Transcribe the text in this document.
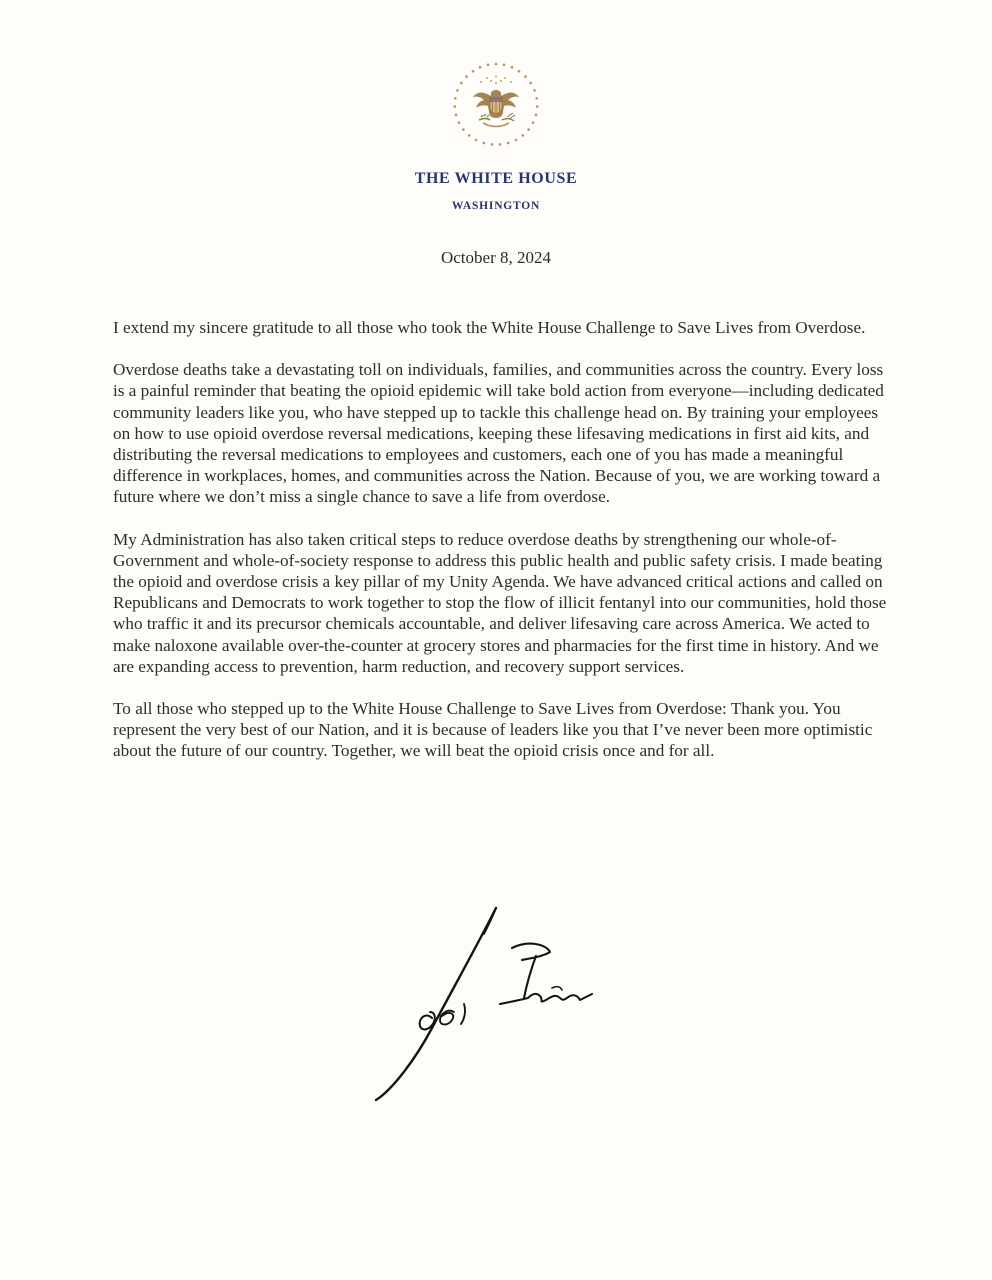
THE WHITE HOUSE
WASHINGTON
October 8, 2024

I extend my sincere gratitude to all those who took the White House Challenge to Save Lives from Overdose.

Overdose deaths take a devastating toll on individuals, families, and communities across the country. Every loss is a painful reminder that beating the opioid epidemic will take bold action from everyone—including dedicated community leaders like you, who have stepped up to tackle this challenge head on. By training your employees on how to use opioid overdose reversal medications, keeping these lifesaving medications in first aid kits, and distributing the reversal medications to employees and customers, each one of you has made a meaningful difference in workplaces, homes, and communities across the Nation. Because of you, we are working toward a future where we don’t miss a single chance to save a life from overdose.

My Administration has also taken critical steps to reduce overdose deaths by strengthening our whole-of-Government and whole-of-society response to address this public health and public safety crisis. I made beating the opioid and overdose crisis a key pillar of my Unity Agenda. We have advanced critical actions and called on Republicans and Democrats to work together to stop the flow of illicit fentanyl into our communities, hold those who traffic it and its precursor chemicals accountable, and deliver lifesaving care across America. We acted to make naloxone available over-the-counter at grocery stores and pharmacies for the first time in history. And we are expanding access to prevention, harm reduction, and recovery support services.

To all those who stepped up to the White House Challenge to Save Lives from Overdose: Thank you. You represent the very best of our Nation, and it is because of leaders like you that I’ve never been more optimistic about the future of our country. Together, we will beat the opioid crisis once and for all.
